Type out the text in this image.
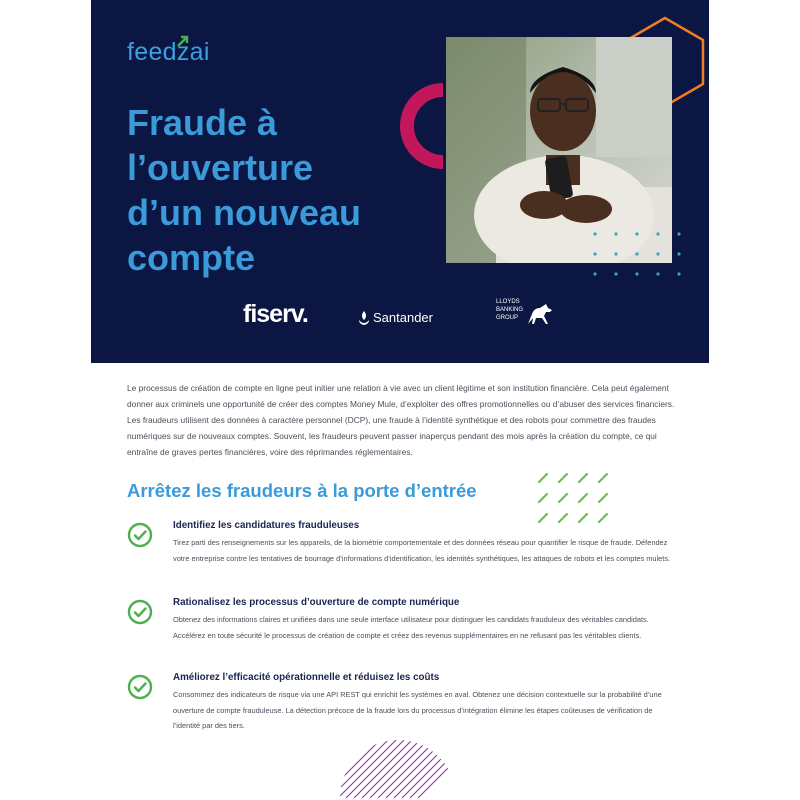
feedzai
Fraude à
l’ouverture
d’un nouveau
compte
fiserv.	Santander
LLOYDS
BANKING
GROUP

Le processus de création de compte en ligne peut initier une relation à vie avec un client légitime et son institution financière. Cela peut également donner aux criminels une opportunité de créer des comptes Money Mule, d’exploiter des offres promotionnelles ou d’abuser des services financiers. Les fraudeurs utilisent des données à caractère personnel (DCP), une fraude à l’identité synthétique et des robots pour commettre des fraudes numériques sur de nouveaux comptes. Souvent, les fraudeurs peuvent passer inaperçus pendant des mois après la création du compte, ce qui entraîne de graves pertes financières, voire des réprimandes réglementaires.

Arrêtez les fraudeurs à la porte d’entrée
Identifiez les candidatures frauduleuses

Tirez parti des renseignements sur les appareils, de la biométrie comportementale et des données réseau pour quantifier le risque de fraude. Défendez votre entreprise contre les tentatives de bourrage d’informations d’identification, les identités synthétiques, les attaques de robots et les comptes mulets.

Rationalisez les processus d’ouverture de compte numérique

Obtenez des informations claires et unifiées dans une seule interface utilisateur pour distinguer les candidats frauduleux des véritables candidats. Accélérez en toute sécurité le processus de création de compte et créez des revenus supplémentaires en ne refusant pas les véritables clients.

Améliorez l’efficacité opérationnelle et réduisez les coûts

Consommez des indicateurs de risque via une API REST qui enrichit les systèmes en aval. Obtenez une décision contextuelle sur la probabilité d’une ouverture de compte frauduleuse. La détection précoce de la fraude lors du processus d’intégration élimine les étapes coûteuses de vérification de l’identité par des tiers.
